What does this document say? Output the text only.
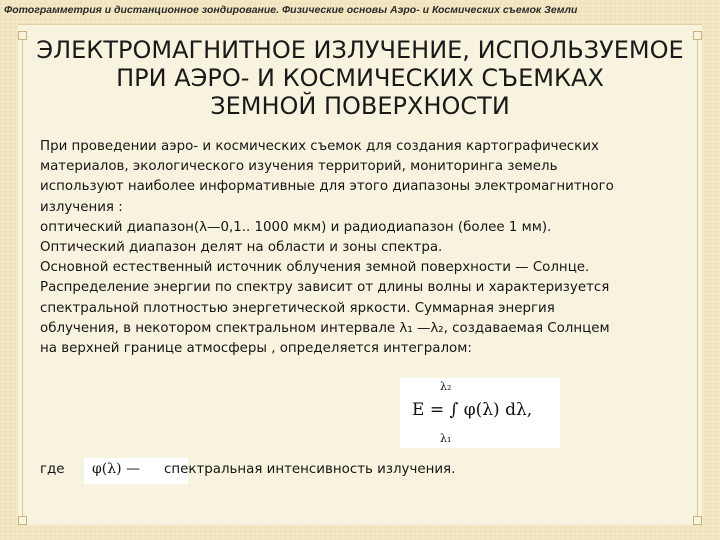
Фотограмметрия и дистанционное зондирование. Физические основы Аэро- и Космических съемок Земли
ЭЛЕКТРОМАГНИТНОЕ ИЗЛУЧЕНИЕ, ИСПОЛЬЗУЕМОЕ
ПРИ АЭРО- И КОСМИЧЕСКИХ СЪЕМКАХ
ЗЕМНОЙ ПОВЕРХНОСТИ
При проведении аэро- и космических съемок для создания картографических
материалов, экологического изучения территорий, мониторинга земель
используют наиболее информативные для этого диапазоны электромагнитного
излучения :
оптический диапазон(λ—0,1.. 1000 мкм) и радиодиапазон (более 1 мм).
Оптический диапазон делят на области и зоны спектра.
Основной естественный источник облучения земной поверхности — Солнце.
Распределение энергии по спектру зависит от длины волны и характеризуется
спектральной плотностью энергетической яркости. Суммарная энергия
облучения, в некотором спектральном интервале λ₁ —λ₂, создаваемая Солнцем
на верхней границе атмосферы , определяется интегралом:
λ₂
E = ∫ φ(λ) dλ,
λ₁
где φ(λ) — спектральная интенсивность излучения.
